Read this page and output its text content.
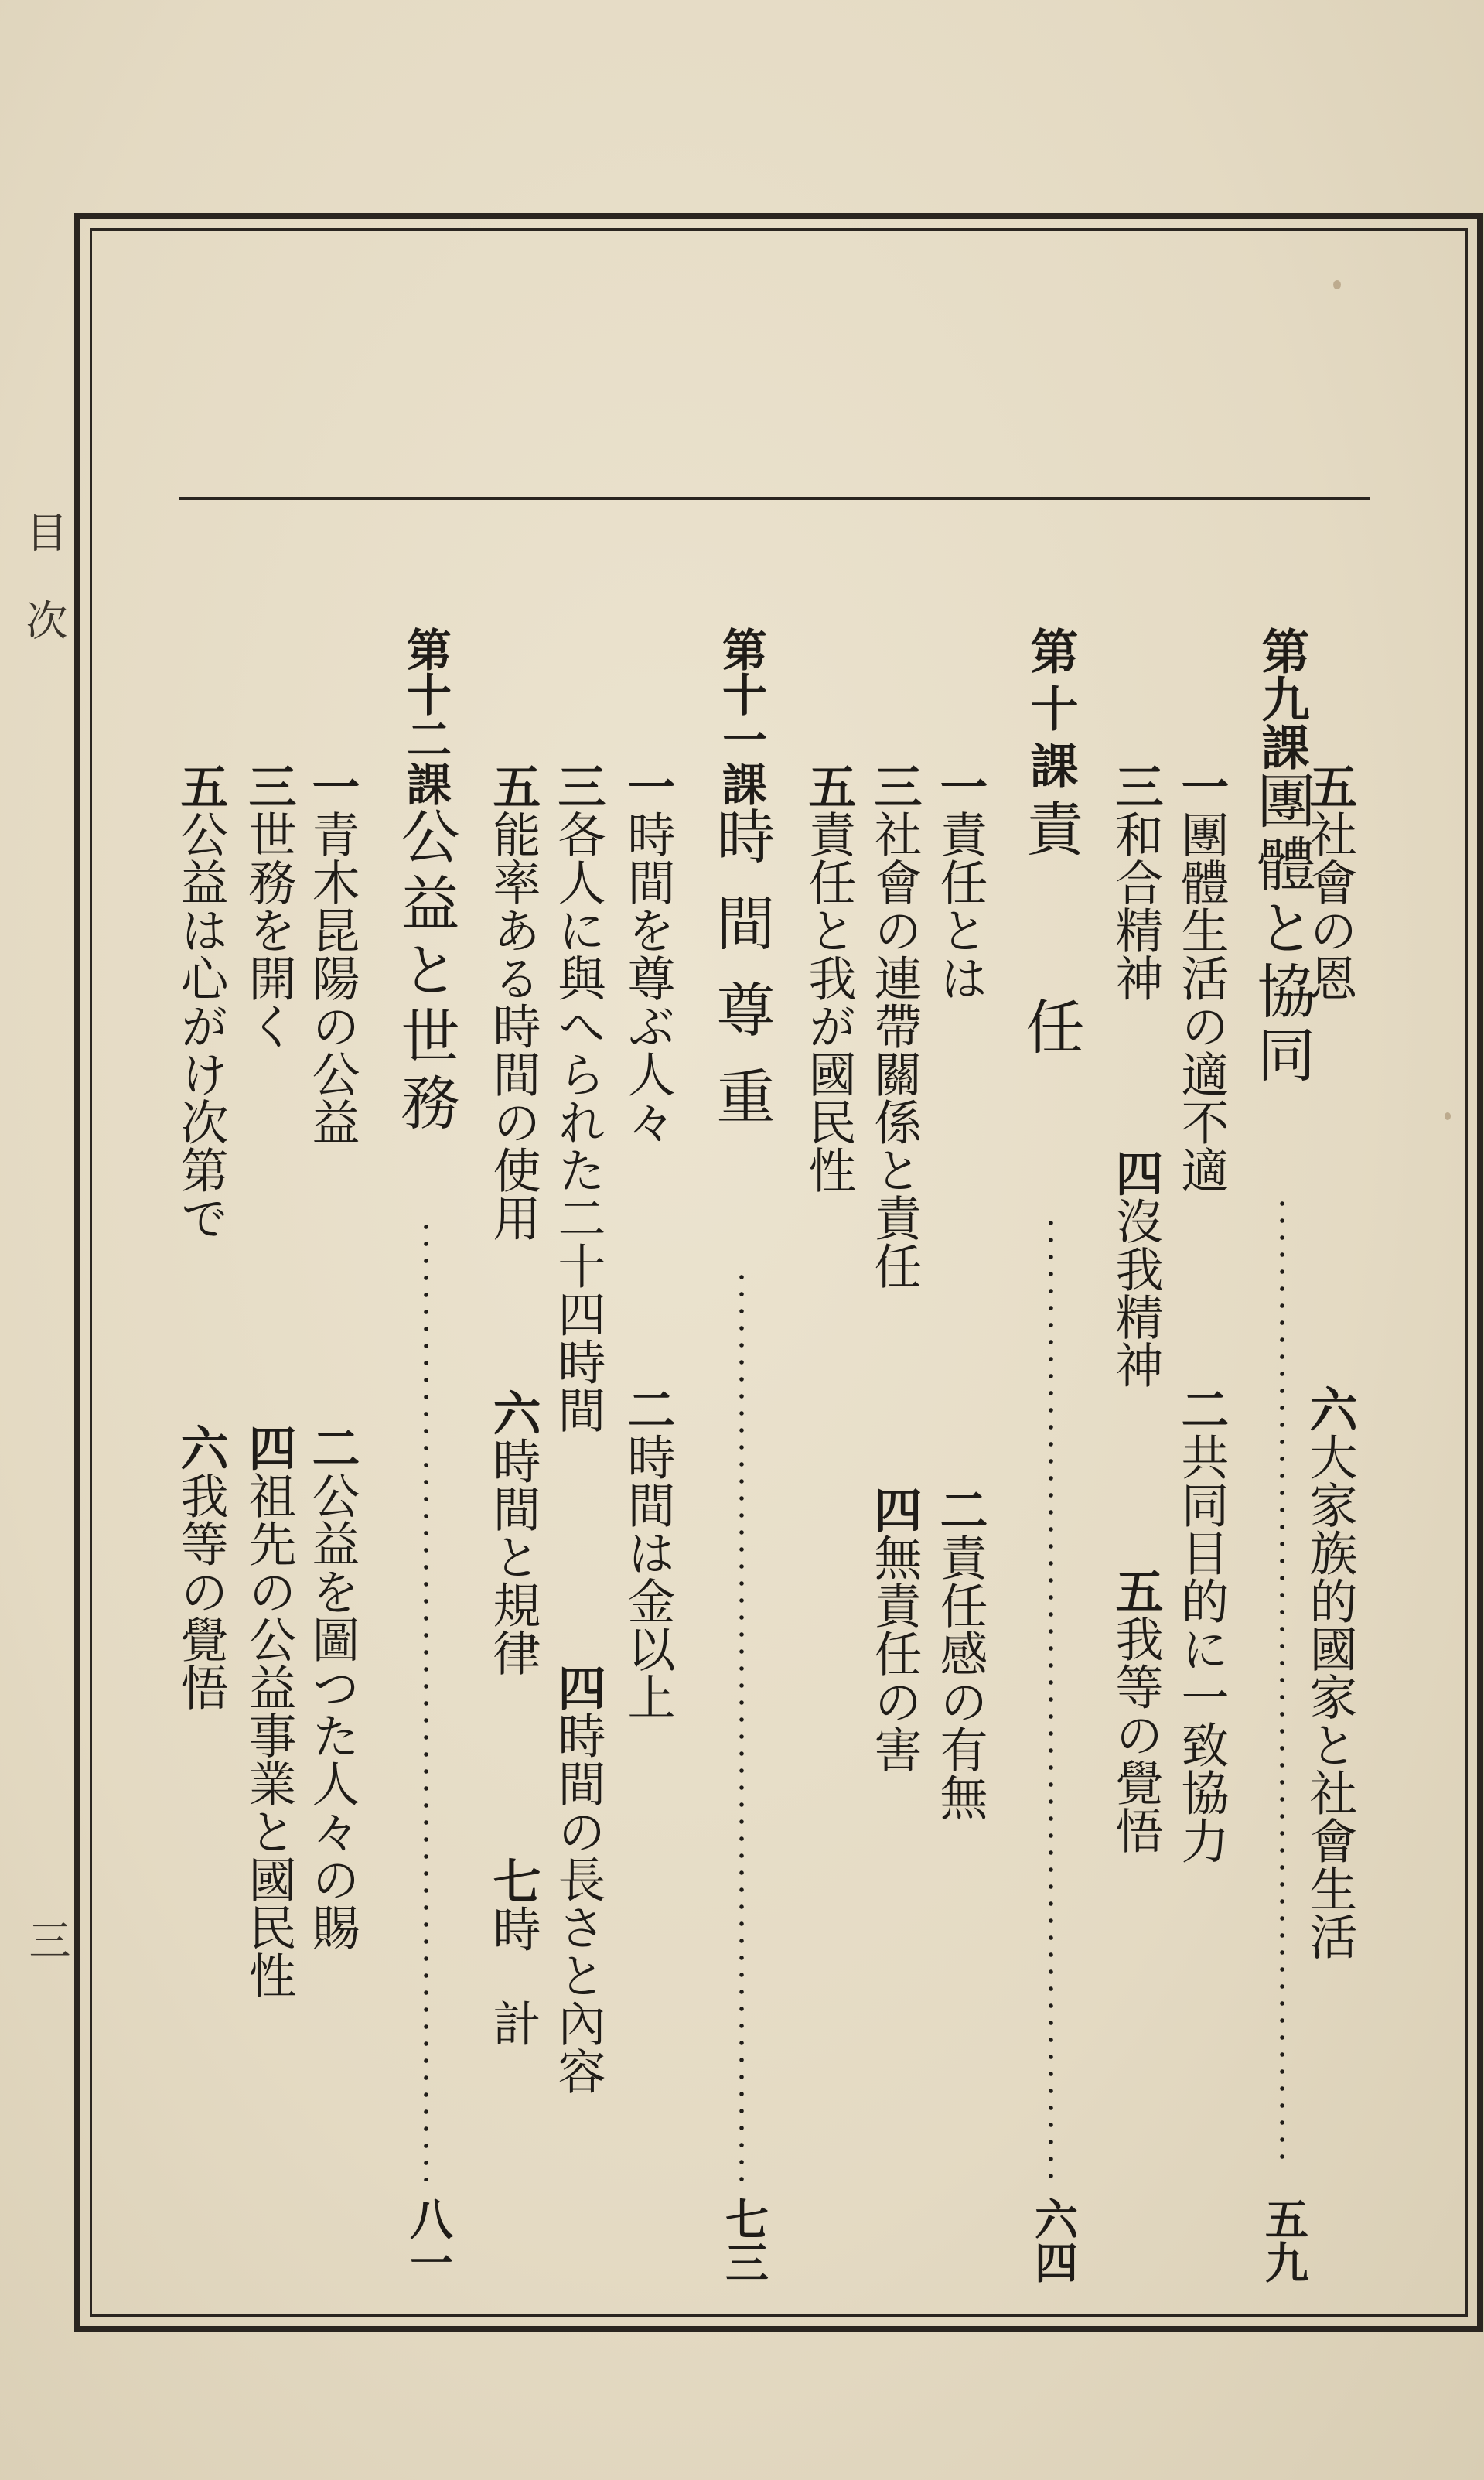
目次
三
五社會の恩
六大家族的國家と社會生活
第九課團體と協同
五九
一團體生活の適不適
二共同目的に一致協力
三和合精神
四沒我精神
五我等の覺悟
第十課責任
六四
一責任とは
二責任感の有無
三社會の連帶關係と責任
四無責任の害
五責任と我が國民性
第十一課時間尊重
七三
一時間を尊ぶ人々
二時間は金以上
三各人に與へられた二十四時間
四時間の長さと內容
五能率ある時間の使用
六時間と規律
七時計
第十二課公益と世務
八一
一青木昆陽の公益
二公益を圖つた人々の賜
三世務を開く
四祖先の公益事業と國民性
五公益は心がけ次第で
六我等の覺悟
